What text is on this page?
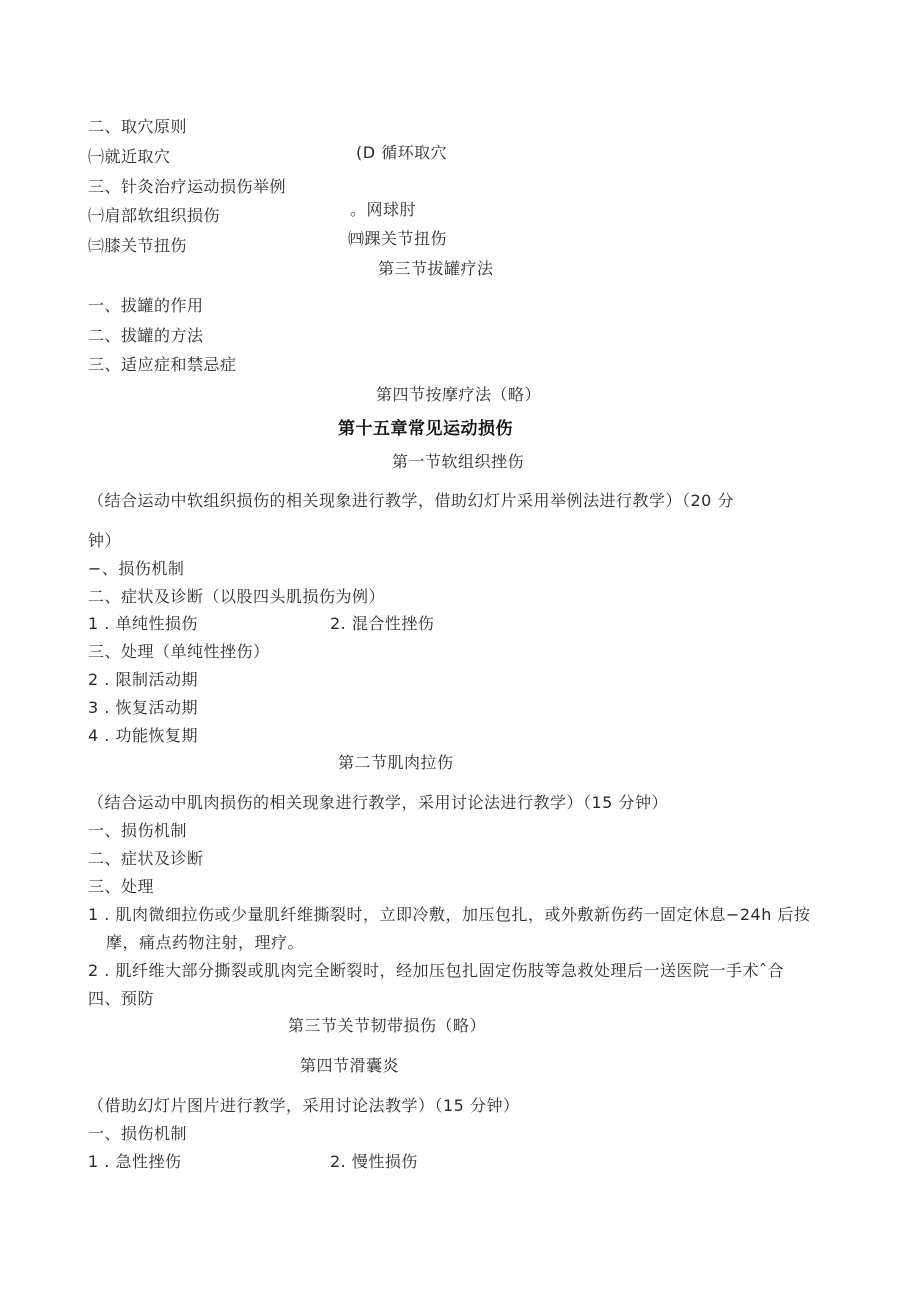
二、取穴原则
㈠就近取穴	(D 循环取穴
三、针灸治疗运动损伤举例
㈠肩部软组织损伤	。网球肘
㈢膝关节扭伤	㈣踝关节扭伤
第三节拔罐疗法
一、拔罐的作用
二、拔罐的方法
三、适应症和禁忌症
第四节按摩疗法（略）
第十五章常见运动损伤
第一节软组织挫伤
（结合运动中软组织损伤的相关现象进行教学，借助幻灯片采用举例法进行教学）（20 分
钟）
−、损伤机制
二、症状及诊断（以股四头肌损伤为例）
1 . 单纯性损伤	2. 混合性挫伤
三、处理（单纯性挫伤）
2 . 限制活动期
3 . 恢复活动期
4 . 功能恢复期
第二节肌肉拉伤
（结合运动中肌肉损伤的相关现象进行教学，采用讨论法进行教学）（15 分钟）
一、损伤机制
二、症状及诊断
三、处理
1 . 肌肉微细拉伤或少量肌纤维撕裂时，立即冷敷，加压包扎，或外敷新伤药一固定休息−24h 后按
摩，痛点药物注射，理疗。
2 . 肌纤维大部分撕裂或肌肉完全断裂时，经加压包扎固定伤肢等急救处理后一送医院一手术ˆ合
四、预防
第三节关节韧带损伤（略）
第四节滑囊炎
（借助幻灯片图片进行教学，采用讨论法教学）（15 分钟）
一、损伤机制
1 . 急性挫伤	2. 慢性损伤
